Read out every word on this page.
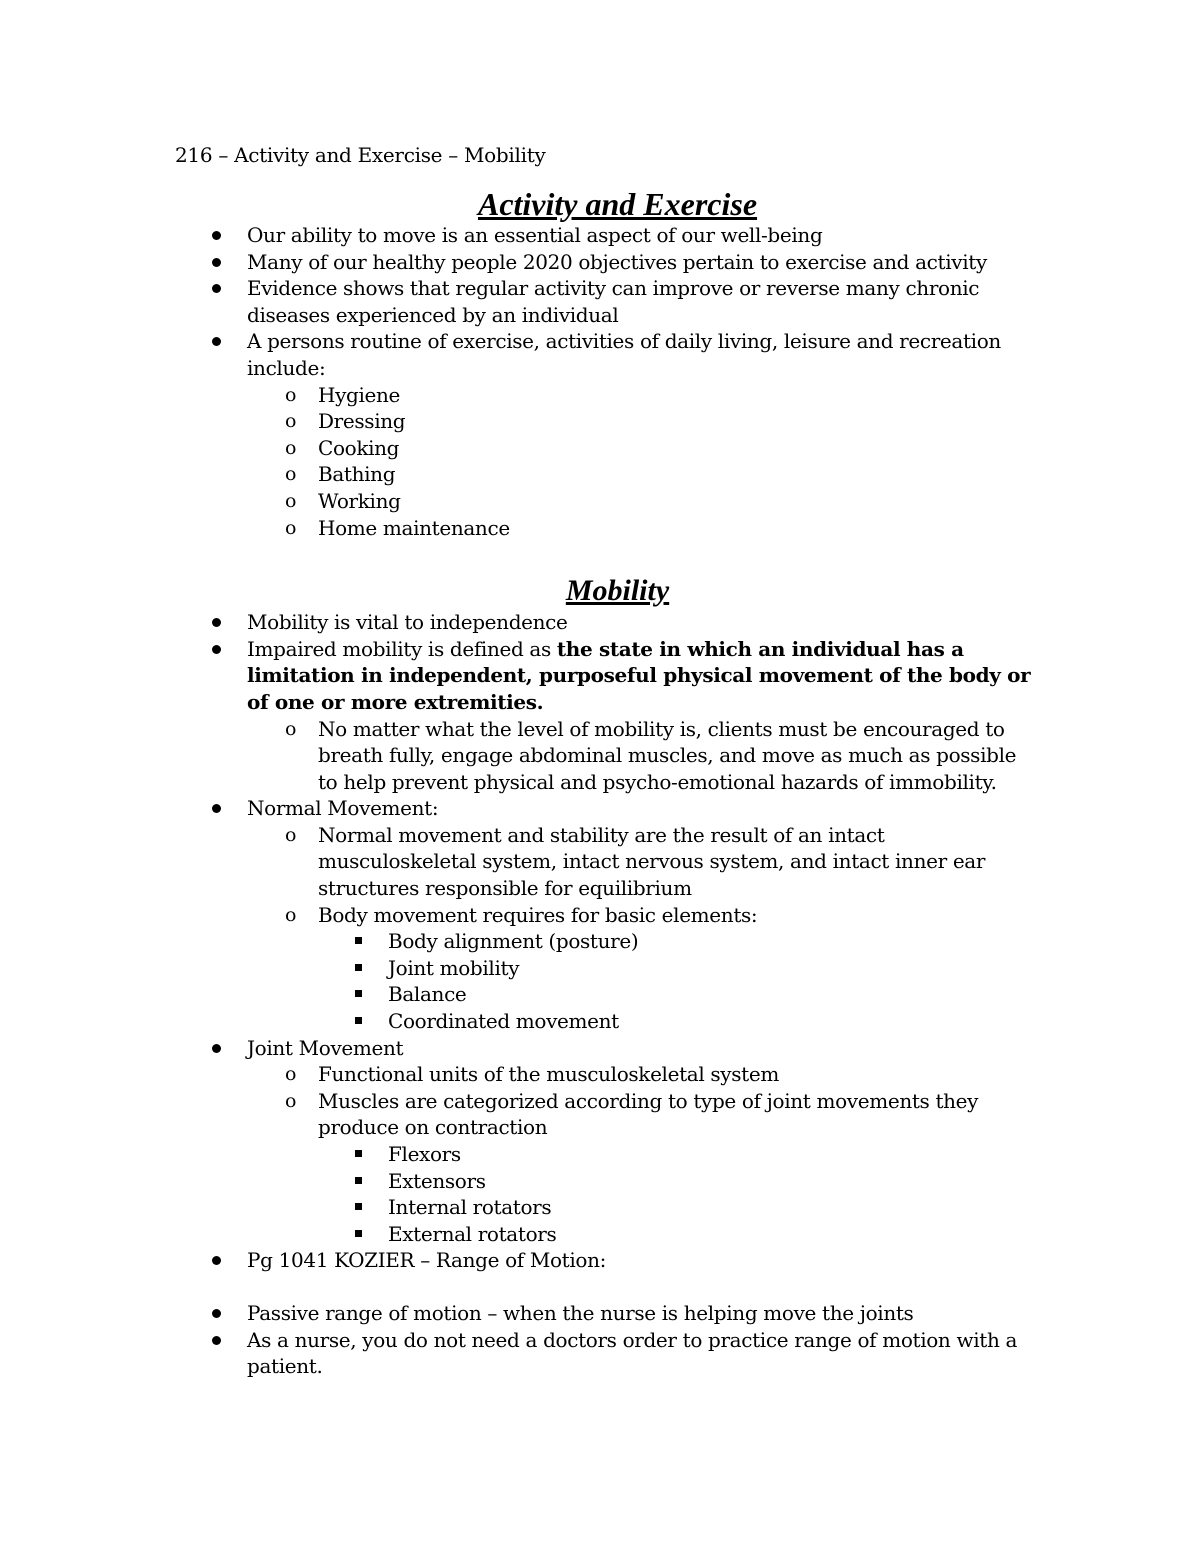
216 – Activity and Exercise – Mobility
Activity and Exercise
Our ability to move is an essential aspect of our well-being
Many of our healthy people 2020 objectives pertain to exercise and activity
Evidence shows that regular activity can improve or reverse many chronic diseases experienced by an individual
A persons routine of exercise, activities of daily living, leisure and recreation include:
o Hygiene
o Dressing
o Cooking
o Bathing
o Working
o Home maintenance
Mobility
Mobility is vital to independence
Impaired mobility is defined as the state in which an individual has a limitation in independent, purposeful physical movement of the body or of one or more extremities.
o No matter what the level of mobility is, clients must be encouraged to breath fully, engage abdominal muscles, and move as much as possible to help prevent physical and psycho-emotional hazards of immobility.
Normal Movement:
o Normal movement and stability are the result of an intact musculoskeletal system, intact nervous system, and intact inner ear structures responsible for equilibrium
o Body movement requires for basic elements:
Body alignment (posture)
Joint mobility
Balance
Coordinated movement
Joint Movement
o Functional units of the musculoskeletal system
o Muscles are categorized according to type of joint movements they produce on contraction
Flexors
Extensors
Internal rotators
External rotators
Pg 1041 KOZIER – Range of Motion:
Passive range of motion – when the nurse is helping move the joints
As a nurse, you do not need a doctors order to practice range of motion with a patient.
